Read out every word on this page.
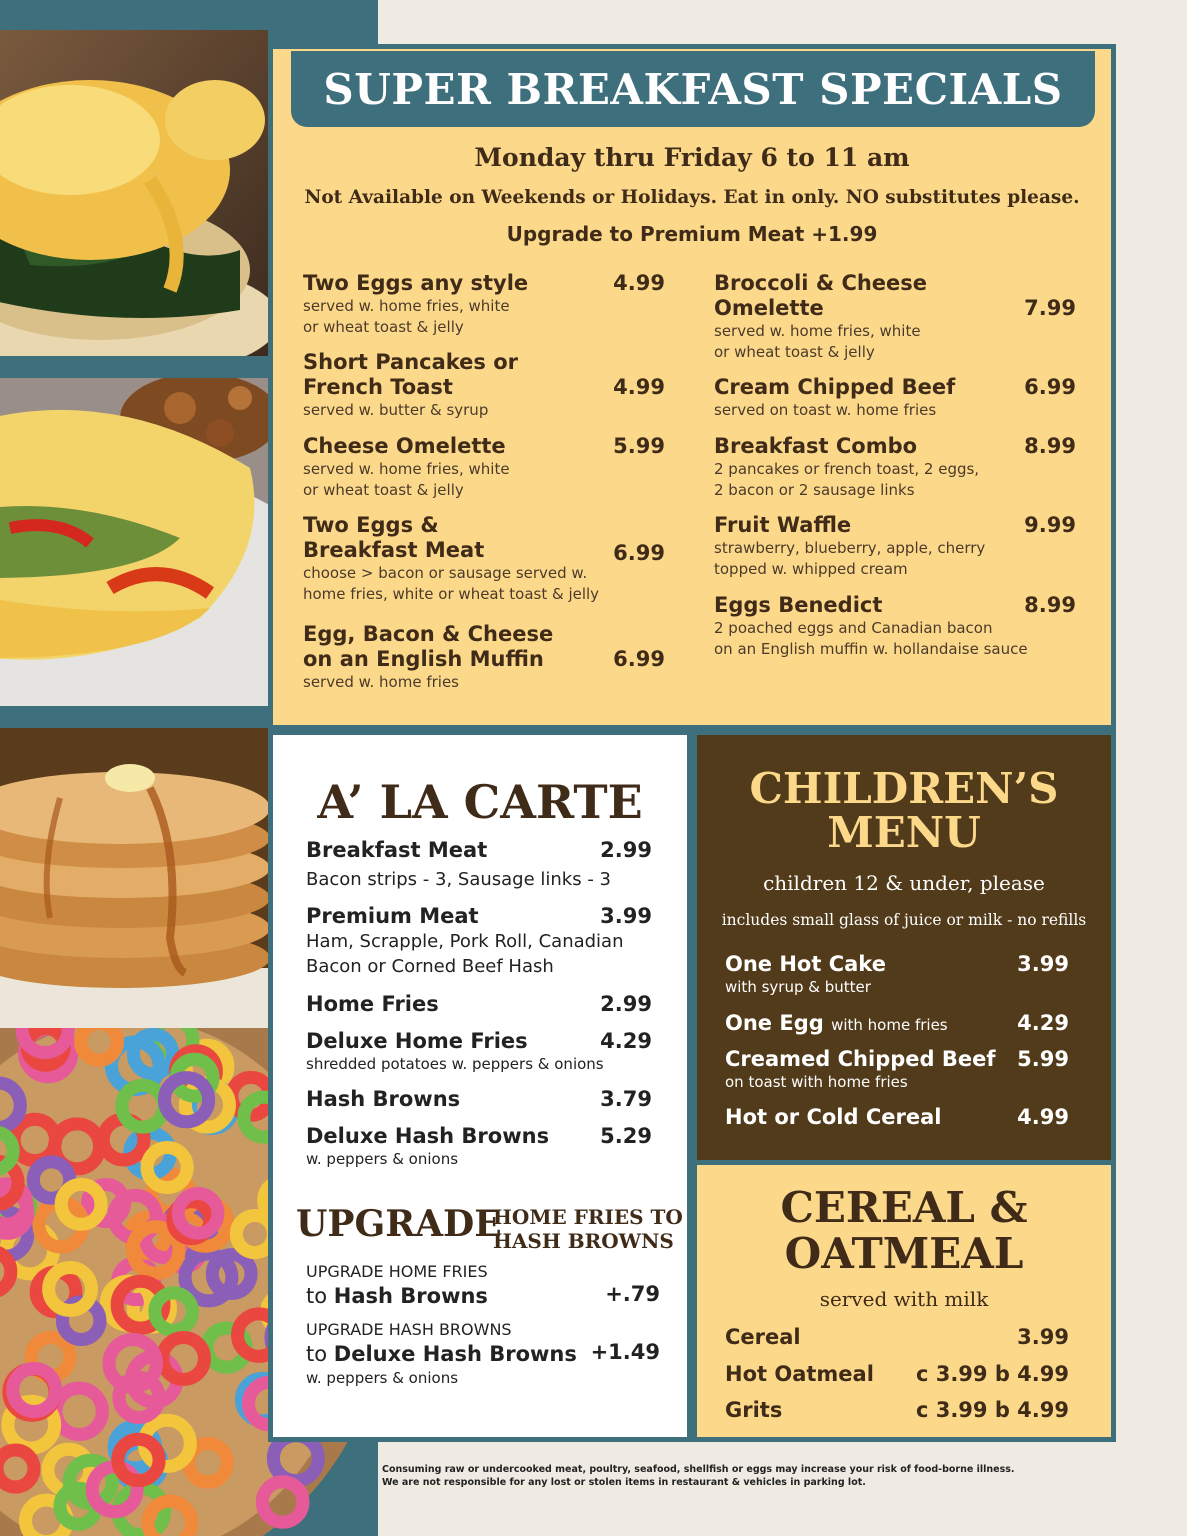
SUPER BREAKFAST SPECIALS
Monday thru Friday 6 to 11 am
Not Available on Weekends or Holidays. Eat in only. NO substitutes please.
Upgrade to Premium Meat +1.99
Two Eggs any style	4.99
served w. home fries, white
or wheat toast & jelly
Short Pancakes or
French Toast	4.99
served w. butter & syrup
Cheese Omelette	5.99
served w. home fries, white
or wheat toast & jelly
Two Eggs &
Breakfast Meat	6.99
choose > bacon or sausage served w.
home fries, white or wheat toast & jelly
Egg, Bacon & Cheese
on an English Muffin	6.99
served w. home fries
Broccoli & Cheese
Omelette	7.99
served w. home fries, white
or wheat toast & jelly
Cream Chipped Beef	6.99
served on toast w. home fries
Breakfast Combo	8.99
2 pancakes or french toast, 2 eggs,
2 bacon or 2 sausage links
Fruit Waffle	9.99
strawberry, blueberry, apple, cherry
topped w. whipped cream
Eggs Benedict	8.99
2 poached eggs and Canadian bacon
on an English muffin w. hollandaise sauce
A’ LA CARTE
Breakfast Meat	2.99
Bacon strips - 3, Sausage links - 3
Premium Meat	3.99
Ham, Scrapple, Pork Roll, Canadian
Bacon or Corned Beef Hash
Home Fries	2.99
Deluxe Home Fries	4.29
shredded potatoes w. peppers & onions
Hash Browns	3.79
Deluxe Hash Browns	5.29
w. peppers & onions
UPGRADE
HOME FRIES TO
HASH BROWNS
UPGRADE HOME FRIES
to Hash Browns	+.79
UPGRADE HASH BROWNS
to Deluxe Hash Browns +1.49
w. peppers & onions
CHILDREN’S
MENU
children 12 & under, please
includes small glass of juice or milk - no refills
One Hot Cake	3.99
with syrup & butter
One Egg with home fries	4.29
Creamed Chipped Beef	5.99
on toast with home fries
Hot or Cold Cereal	4.99
CEREAL &
OATMEAL
served with milk
Cereal	3.99
Hot Oatmeal c 3.99 b 4.99
Grits	c 3.99 b 4.99
Consuming raw or undercooked meat, poultry, seafood, shellfish or eggs may increase your risk of food-borne illness.
We are not responsible for any lost or stolen items in restaurant & vehicles in parking lot.
